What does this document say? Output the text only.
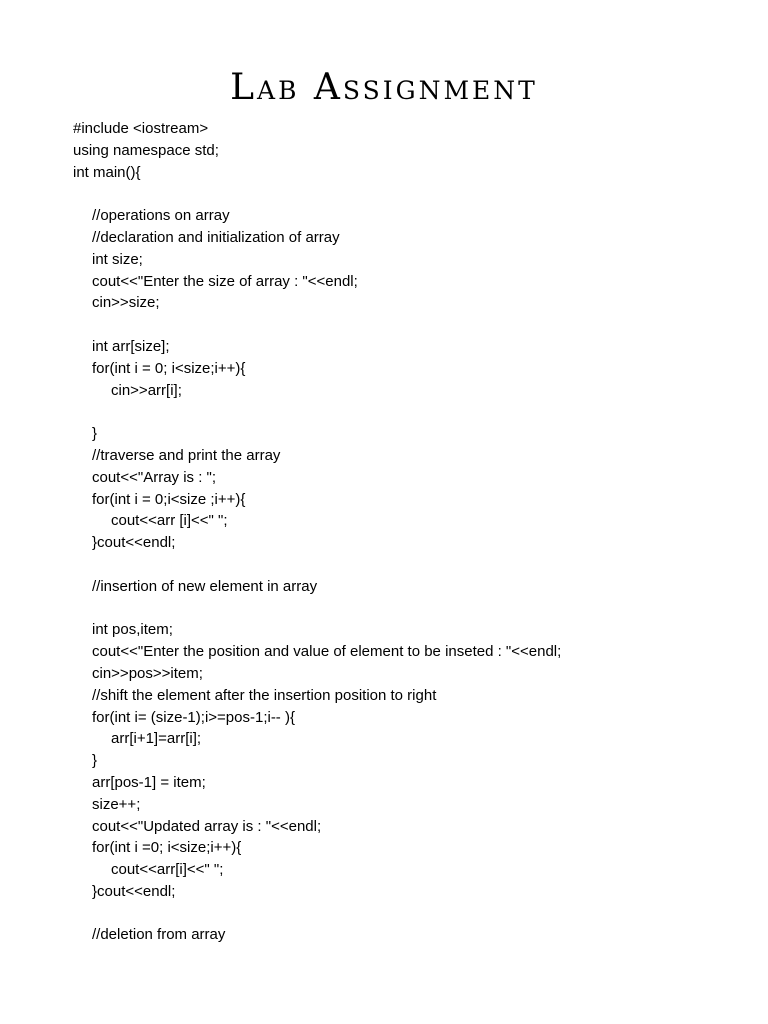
Lab Assignment
#include <iostream>
using namespace std;
int main(){
//operations on array
//declaration and initialization of array
int size;
cout<<"Enter the size of array : "<<endl;
cin>>size;
int arr[size];
for(int i = 0; i<size;i++){
cin>>arr[i];
}
//traverse and print the array
cout<<"Array is : ";
for(int i = 0;i<size ;i++){
cout<<arr [i]<<" ";
}cout<<endl;
//insertion of new element in array
int pos,item;
cout<<"Enter the position and value of element to be inseted : "<<endl;
cin>>pos>>item;
//shift the element after the insertion position to right
for(int i= (size-1);i>=pos-1;i-- ){
arr[i+1]=arr[i];
}
arr[pos-1] = item;
size++;
cout<<"Updated array is : "<<endl;
for(int i =0; i<size;i++){
cout<<arr[i]<<" ";
}cout<<endl;
//deletion from array
